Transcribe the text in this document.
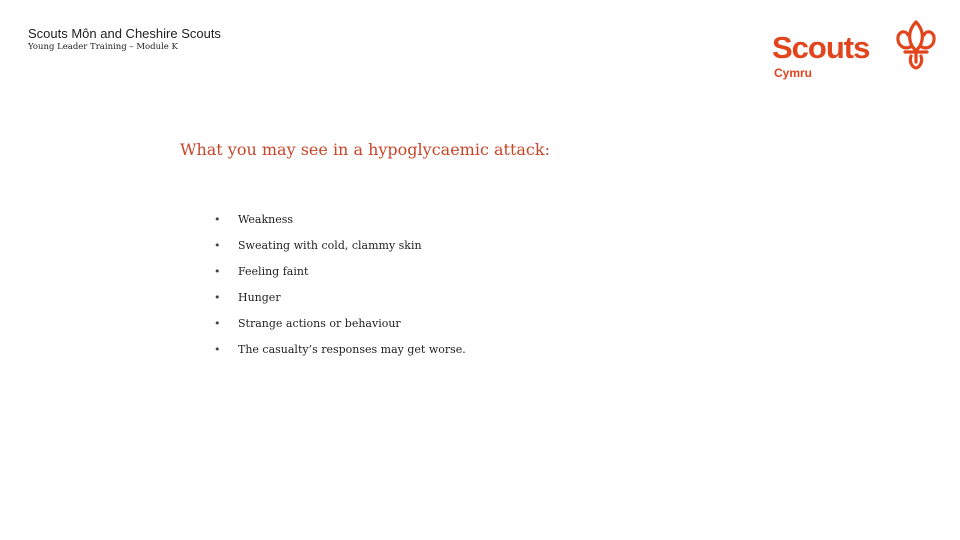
Scouts Môn and Cheshire Scouts
Young Leader Training – Module K	Scouts
Cymru
What you may see in a hypoglycaemic attack:
• Weakness
• Sweating with cold, clammy skin
• Feeling faint
• Hunger
• Strange actions or behaviour
• The casualty’s responses may get worse.
